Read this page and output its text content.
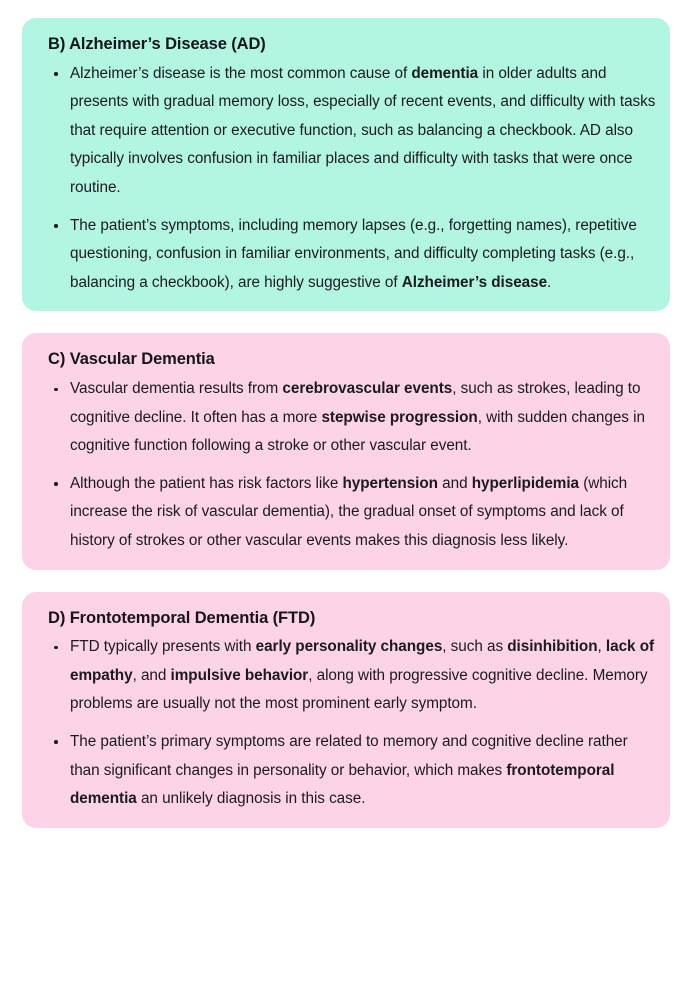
B) Alzheimer’s Disease (AD)
Alzheimer’s disease is the most common cause of dementia in older adults and presents with gradual memory loss, especially of recent events, and difficulty with tasks that require attention or executive function, such as balancing a checkbook. AD also typically involves confusion in familiar places and difficulty with tasks that were once routine.
The patient’s symptoms, including memory lapses (e.g., forgetting names), repetitive questioning, confusion in familiar environments, and difficulty completing tasks (e.g., balancing a checkbook), are highly suggestive of Alzheimer’s disease.
C) Vascular Dementia
Vascular dementia results from cerebrovascular events, such as strokes, leading to cognitive decline. It often has a more stepwise progression, with sudden changes in cognitive function following a stroke or other vascular event.
Although the patient has risk factors like hypertension and hyperlipidemia (which increase the risk of vascular dementia), the gradual onset of symptoms and lack of history of strokes or other vascular events makes this diagnosis less likely.
D) Frontotemporal Dementia (FTD)
FTD typically presents with early personality changes, such as disinhibition, lack of empathy, and impulsive behavior, along with progressive cognitive decline. Memory problems are usually not the most prominent early symptom.
The patient’s primary symptoms are related to memory and cognitive decline rather than significant changes in personality or behavior, which makes frontotemporal dementia an unlikely diagnosis in this case.
